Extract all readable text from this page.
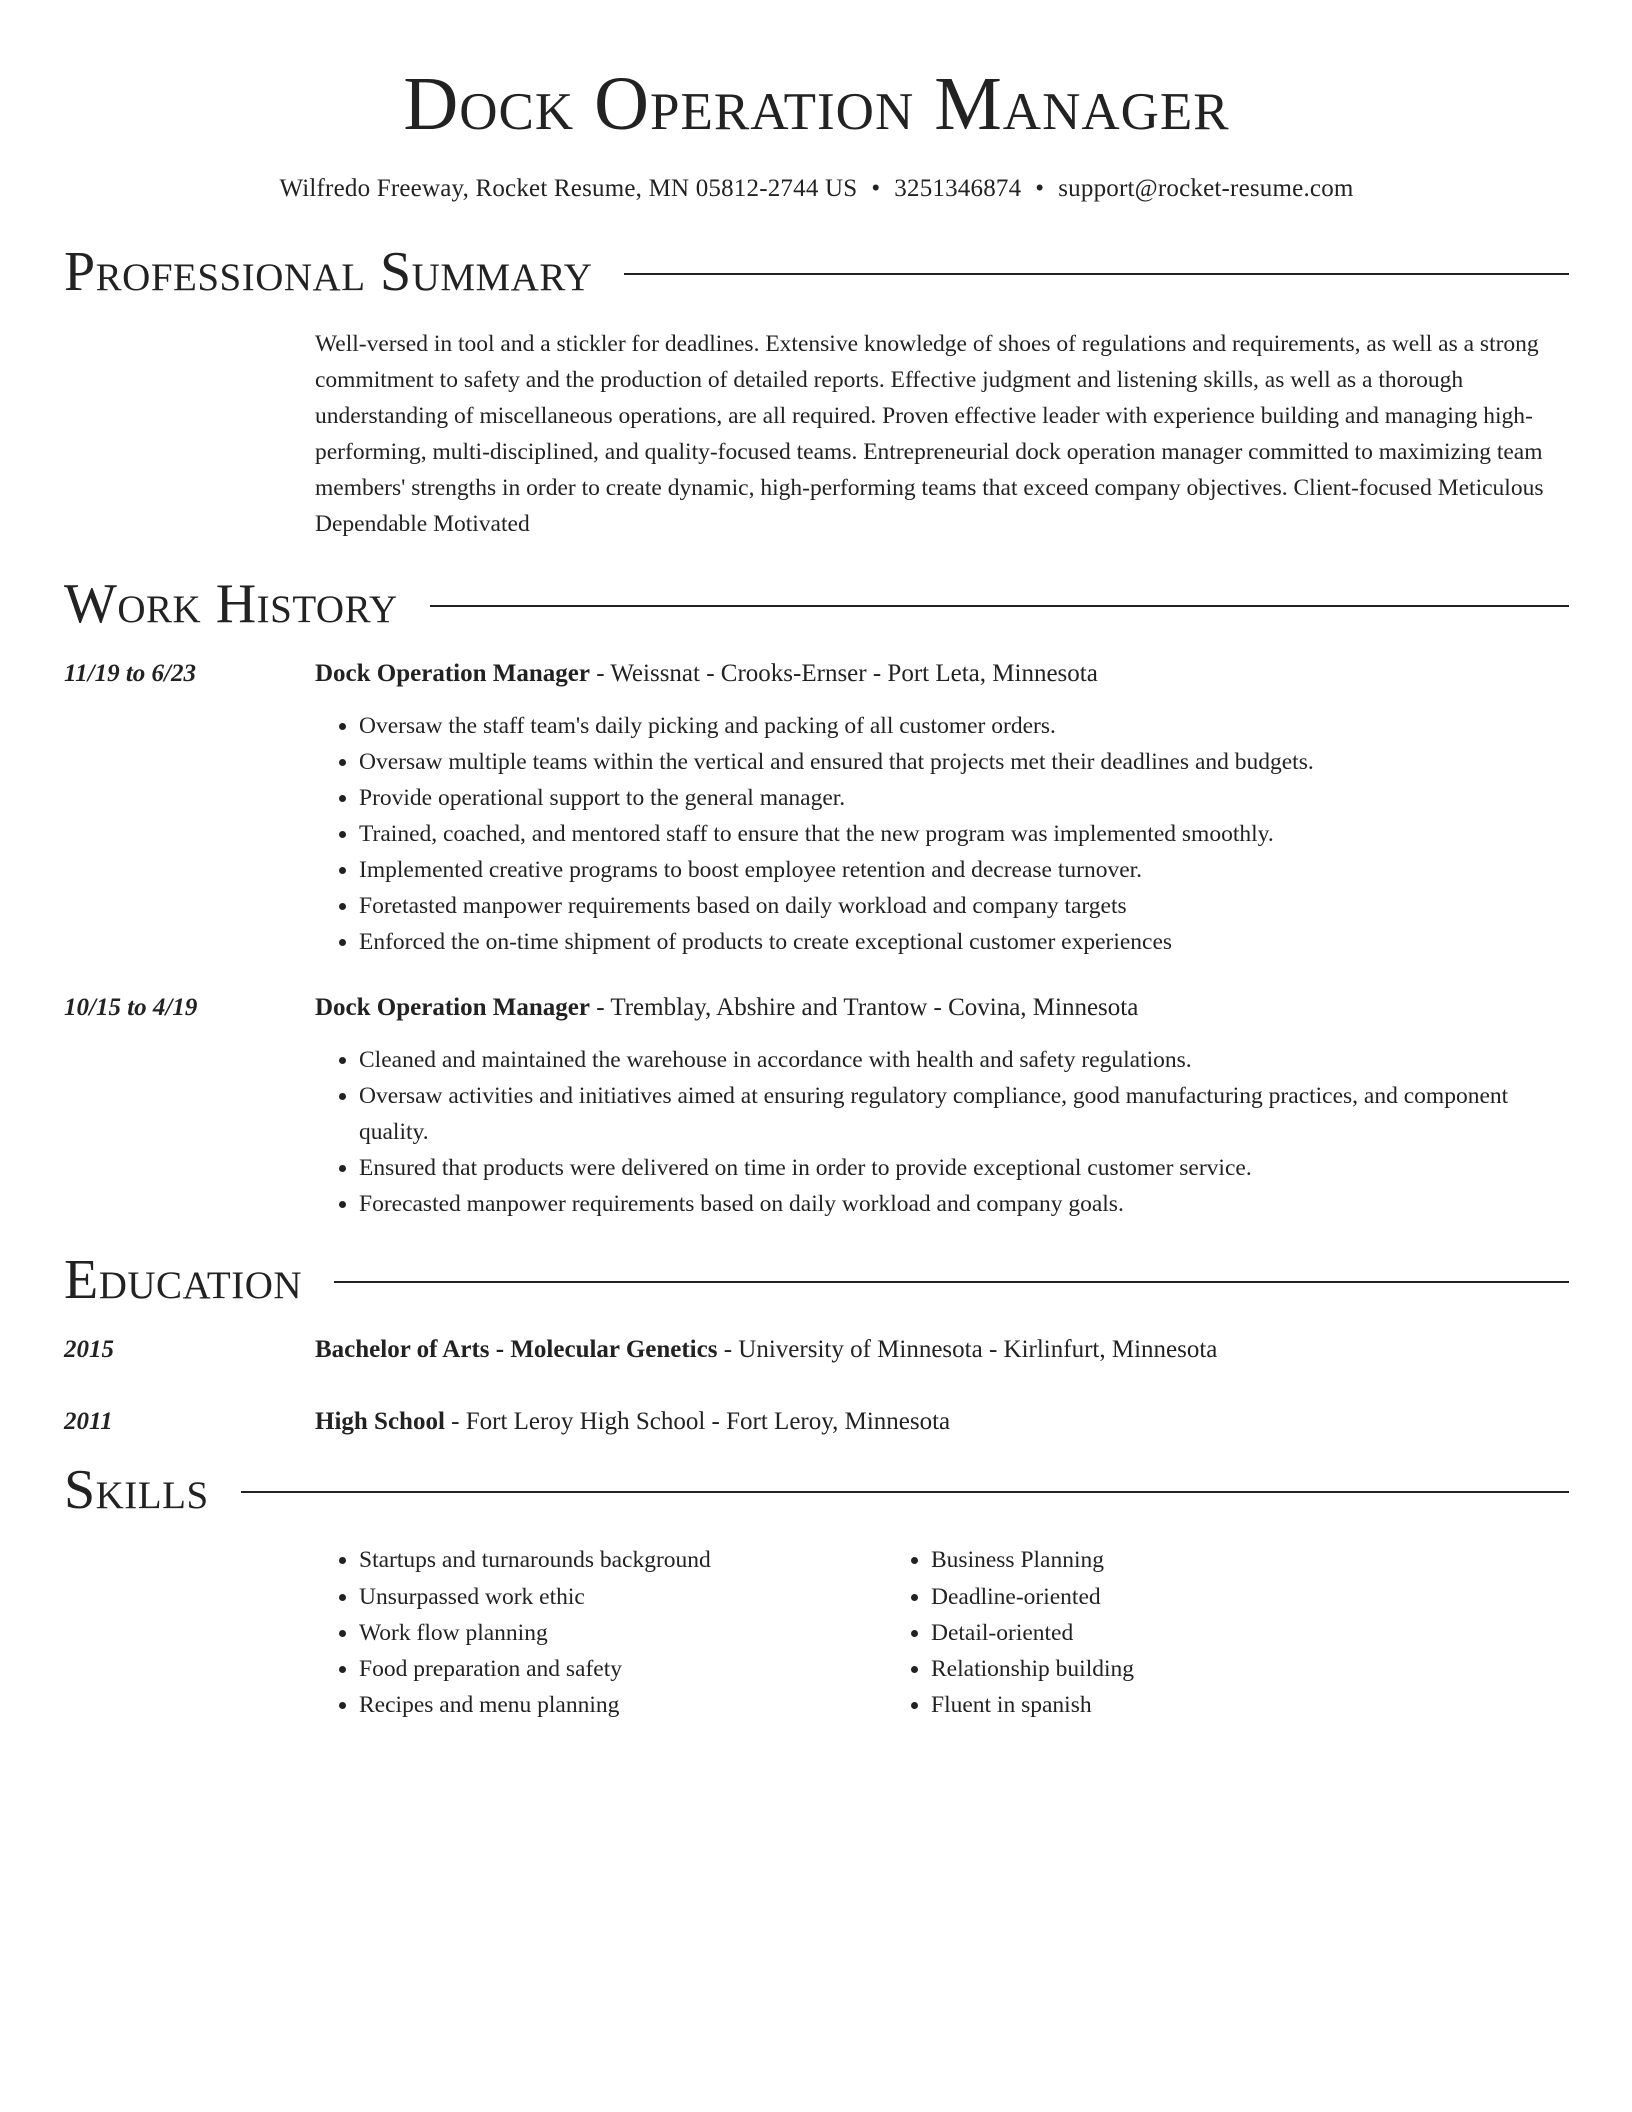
Dock Operation Manager
Wilfredo Freeway, Rocket Resume, MN 05812-2744 US • 3251346874 • support@rocket-resume.com
Professional Summary

Well-versed in tool and a stickler for deadlines. Extensive knowledge of shoes of regulations and requirements, as well as a strong commitment to safety and the production of detailed reports. Effective judgment and listening skills, as well as a thorough understanding of miscellaneous operations, are all required. Proven effective leader with experience building and managing high-performing, multi-disciplined, and quality-focused teams. Entrepreneurial dock operation manager committed to maximizing team members' strengths in order to create dynamic, high-performing teams that exceed company objectives. Client-focused Meticulous Dependable Motivated

Work History
11/19 to 6/23	Dock Operation Manager - Weissnat - Crooks-Ernser - Port Leta, Minnesota
• Oversaw the staff team's daily picking and packing of all customer orders.
• Oversaw multiple teams within the vertical and ensured that projects met their deadlines and budgets.
• Provide operational support to the general manager.
• Trained, coached, and mentored staff to ensure that the new program was implemented smoothly.
• Implemented creative programs to boost employee retention and decrease turnover.
• Foretasted manpower requirements based on daily workload and company targets
• Enforced the on-time shipment of products to create exceptional customer experiences
10/15 to 4/19	Dock Operation Manager - Tremblay, Abshire and Trantow - Covina, Minnesota
• Cleaned and maintained the warehouse in accordance with health and safety regulations.
• Oversaw activities and initiatives aimed at ensuring regulatory compliance, good manufacturing practices, and component quality.
• Ensured that products were delivered on time in order to provide exceptional customer service.
• Forecasted manpower requirements based on daily workload and company goals.
Education
2015	Bachelor of Arts - Molecular Genetics - University of Minnesota - Kirlinfurt, Minnesota
2011	High School - Fort Leroy High School - Fort Leroy, Minnesota
Skills
• Startups and turnarounds background
• Unsurpassed work ethic
• Work flow planning
• Food preparation and safety
• Recipes and menu planning
• Business Planning
• Deadline-oriented
• Detail-oriented
• Relationship building
• Fluent in spanish
